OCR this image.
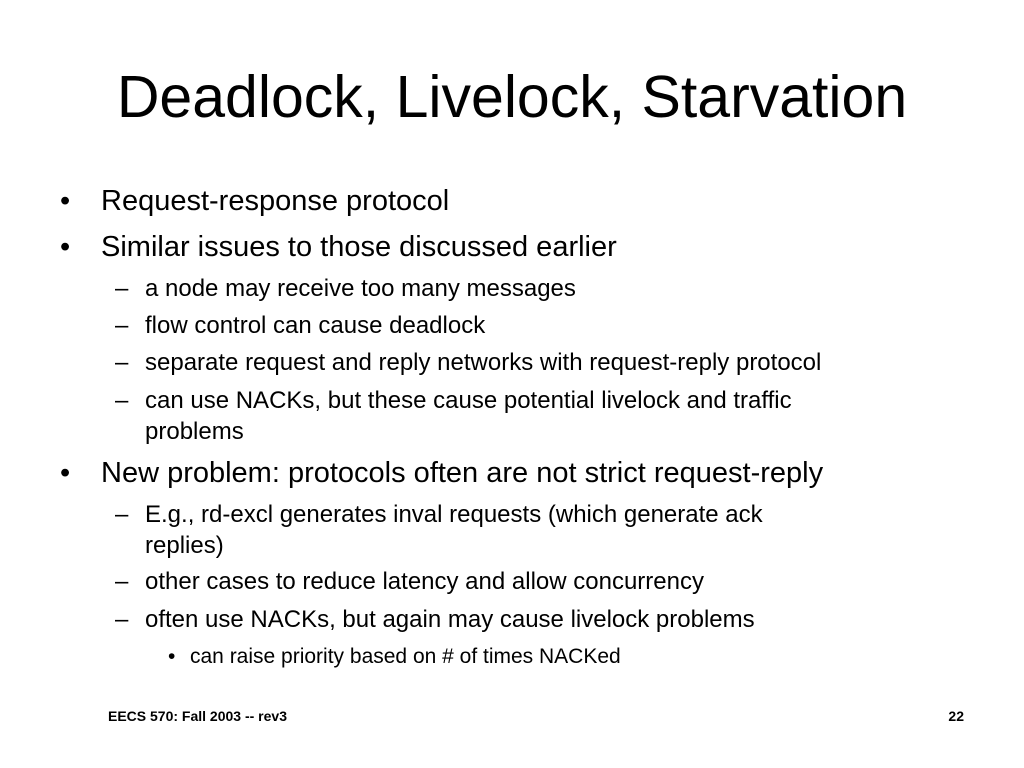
Deadlock, Livelock, Starvation
• Request-response protocol
• Similar issues to those discussed earlier
– a node may receive too many messages
– flow control can cause deadlock
– separate request and reply networks with request-reply protocol
– can use NACKs, but these cause potential livelock and traffic
problems
• New problem: protocols often are not strict request-reply
– E.g., rd-excl generates inval requests (which generate ack
replies)
– other cases to reduce latency and allow concurrency
– often use NACKs, but again may cause livelock problems
• can raise priority based on # of times NACKed
EECS 570: Fall 2003 -- rev3	22
